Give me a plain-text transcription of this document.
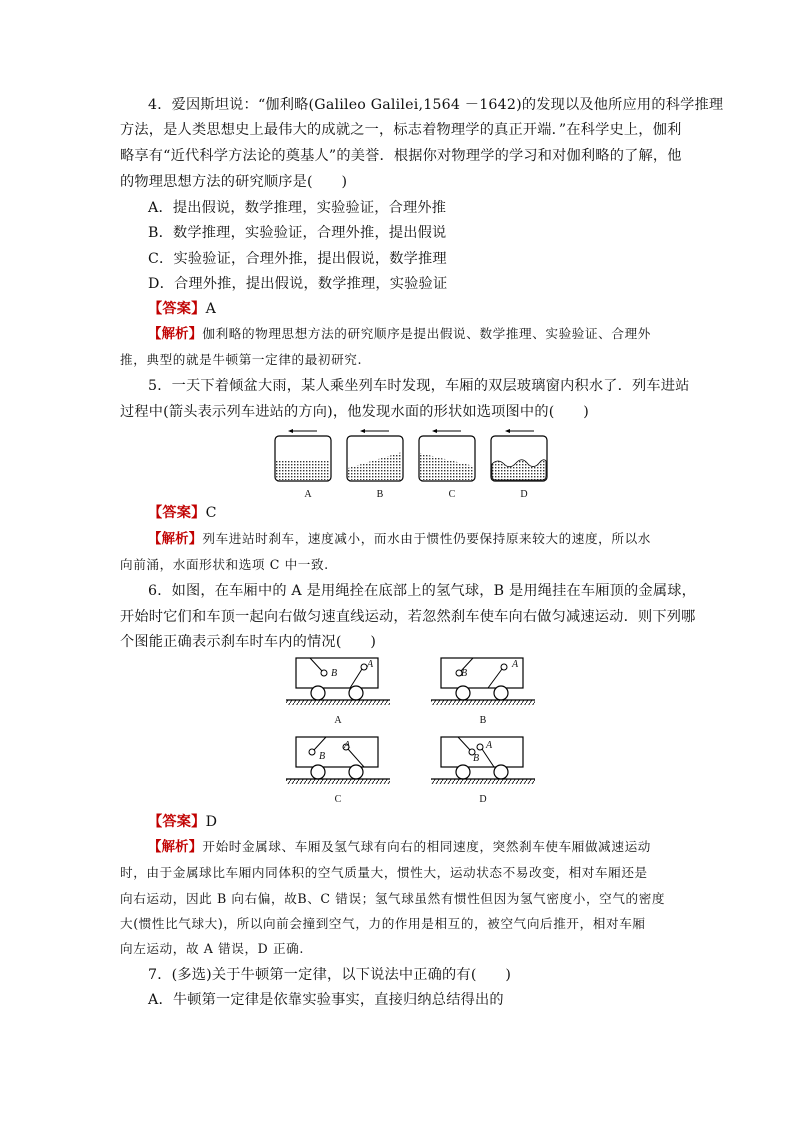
4．爱因斯坦说：“伽利略(Galileo Galilei,1564 －1642)的发现以及他所应用的科学推理
方法，是人类思想史上最伟大的成就之一，标志着物理学的真正开端．”在科学史上，伽利
略享有“近代科学方法论的奠基人”的美誉．根据你对物理学的学习和对伽利略的了解，他
的物理思想方法的研究顺序是(　　)
A．提出假说，数学推理，实验验证，合理外推
B．数学推理，实验验证，合理外推，提出假说
C．实验验证，合理外推，提出假说，数学推理
D．合理外推，提出假说，数学推理，实验验证
【答案】A
【解析】伽利略的物理思想方法的研究顺序是提出假说、数学推理、实验验证、合理外
推，典型的就是牛顿第一定律的最初研究.
5．一天下着倾盆大雨，某人乘坐列车时发现，车厢的双层玻璃窗内积水了．列车进站
过程中(箭头表示列车进站的方向)，他发现水面的形状如选项图中的(　　)
A	B	C	D
【答案】C
【解析】列车进站时刹车，速度减小，而水由于惯性仍要保持原来较大的速度，所以水
向前涌，水面形状和选项 C 中一致.
6．如图，在车厢中的 A 是用绳拴在底部上的氢气球，B 是用绳挂在车厢顶的金属球，
开始时它们和车顶一起向右做匀速直线运动，若忽然刹车使车向右做匀减速运动．则下列哪
个图能正确表示刹车时车内的情况(　　)
B
A
B
A
B
A
B
A
A	B
C	D
【答案】D
【解析】开始时金属球、车厢及氢气球有向右的相同速度，突然刹车使车厢做减速运动
时，由于金属球比车厢内同体积的空气质量大，惯性大，运动状态不易改变，相对车厢还是
向右运动，因此 B 向右偏，故B、C 错误；氢气球虽然有惯性但因为氢气密度小，空气的密度
大(惯性比气球大)，所以向前会撞到空气，力的作用是相互的，被空气向后推开，相对车厢
向左运动，故 A 错误，D 正确.
7．(多选)关于牛顿第一定律，以下说法中正确的有(　　)
A．牛顿第一定律是依靠实验事实，直接归纳总结得出的
